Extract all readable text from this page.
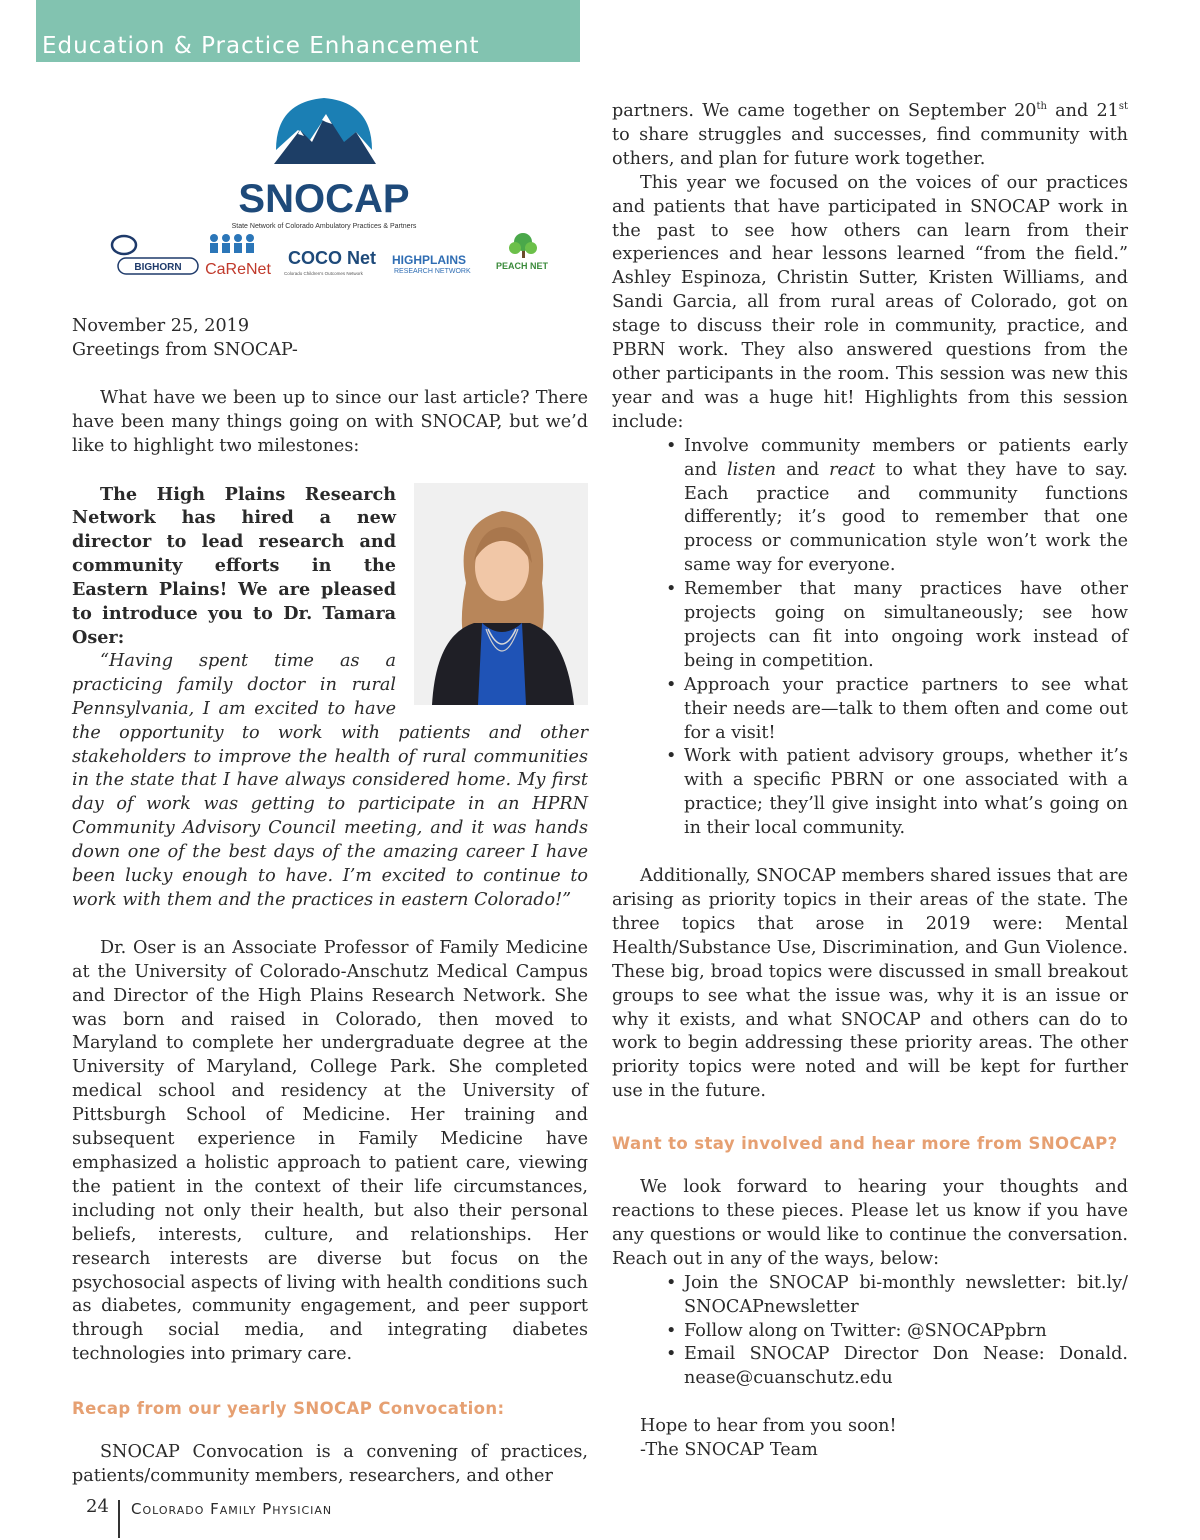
Education & Practice Enhancement
SNOCAP
State Network of Colorado Ambulatory Practices & Partners
BIGHORN CaReNet
COCO Net
Colorado Children's Outcomes Network
HIGHPLAINS
RESEARCH NETWORK
PEACH NET

November 25, 2019

Greetings from SNOCAP-

What have we been up to since our last article? There have been many things going on with SNOCAP, but we’d like to highlight two milestones:

The High Plains Research Network has hired a new director to lead research and community efforts in the Eastern Plains! We are pleased to introduce you to Dr. Tamara Oser:

“Having spent time as a practicing family doctor in rural Pennsylvania, I am excited to have the opportunity to work with patients and other stakeholders to improve the health of rural communities in the state that I have always considered home. My first day of work was getting to participate in an HPRN Community Advisory Council meeting, and it was hands down one of the best days of the amazing career I have been lucky enough to have. I’m excited to continue to work with them and the practices in eastern Colorado!”

Dr. Oser is an Associate Professor of Family Medicine at the University of Colorado-Anschutz Medical Campus and Director of the High Plains Research Network. She was born and raised in Colorado, then moved to Maryland to complete her undergraduate degree at the University of Maryland, College Park. She completed medical school and residency at the University of Pittsburgh School of Medicine. Her training and subsequent experience in Family Medicine have emphasized a holistic approach to patient care, viewing the patient in the context of their life circumstances, including not only their health, but also their personal beliefs, interests, culture, and relationships. Her research interests are diverse but focus on the psychosocial aspects of living with health conditions such as diabetes, community engagement, and peer support through social media, and integrating diabetes technologies into primary care.

Recap from our yearly SNOCAP Convocation:

SNOCAP Convocation is a convening of practices, patients/community members, researchers, and other

partners. We came together on September 20th and 21st to share struggles and successes, find community with others, and plan for future work together.

This year we focused on the voices of our practices and patients that have participated in SNOCAP work in the past to see how others can learn from their experiences and hear lessons learned “from the field.” Ashley Espinoza, Christin Sutter, Kristen Williams, and Sandi Garcia, all from rural areas of Colorado, got on stage to discuss their role in community, practice, and PBRN work. They also answered questions from the other participants in the room. This session was new this year and was a huge hit! Highlights from this session include:

• Involve community members or patients early and listen and react to what they have to say. Each practice and community functions differently; it’s good to remember that one process or communication style won’t work the same way for everyone.
• Remember that many practices have other projects going on simultaneously; see how projects can fit into ongoing work instead of being in competition.
• Approach your practice partners to see what their needs are—talk to them often and come out for a visit!
• Work with patient advisory groups, whether it’s with a specific PBRN or one associated with a practice; they’ll give insight into what’s going on in their local community.

Additionally, SNOCAP members shared issues that are arising as priority topics in their areas of the state. The three topics that arose in 2019 were: Mental Health/Substance Use, Discrimination, and Gun Violence. These big, broad topics were discussed in small breakout groups to see what the issue was, why it is an issue or why it exists, and what SNOCAP and others can do to work to begin addressing these priority areas. The other priority topics were noted and will be kept for further use in the future.

Want to stay involved and hear more from SNOCAP?

We look forward to hearing your thoughts and reactions to these pieces. Please let us know if you have any questions or would like to continue the conversation. Reach out in any of the ways, below:

• Join the SNOCAP bi-monthly newsletter: bit.ly/ SNOCAPnewsletter
• Follow along on Twitter: @SNOCAPpbrn
• Email SNOCAP Director Don Nease: Donald. nease@cuanschutz.edu

Hope to hear from you soon!

-The SNOCAP Team

24 Colorado Family Physician
